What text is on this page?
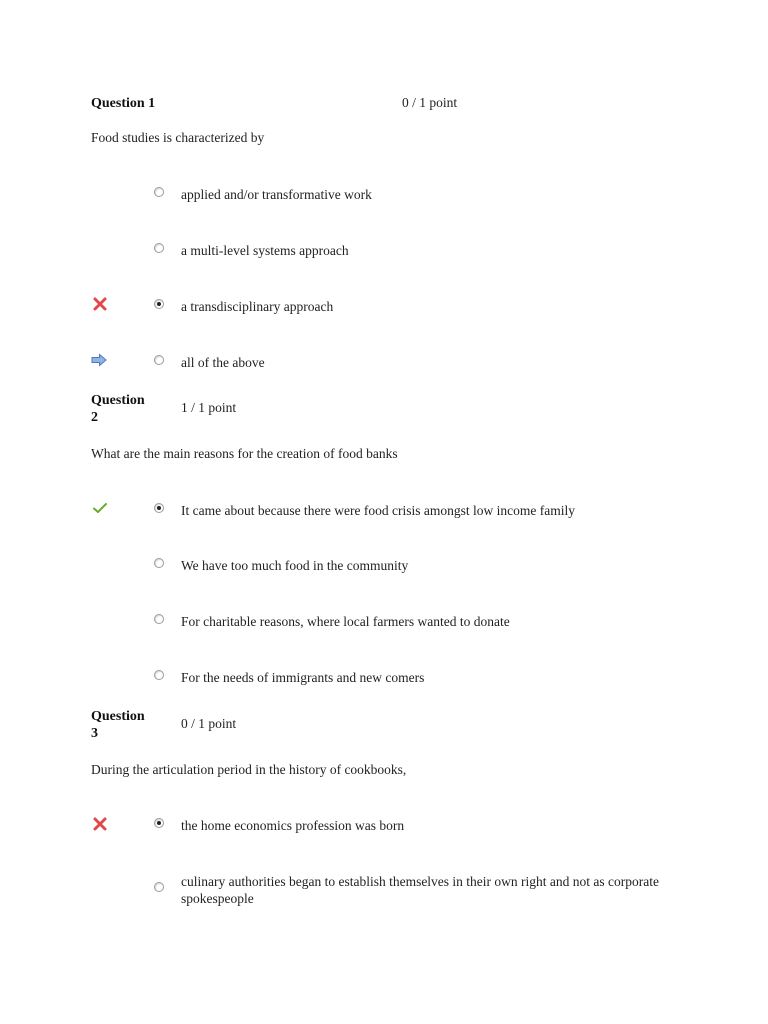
Question 1	0 / 1 point
Food studies is characterized by
applied and/or transformative work
a multi-level systems approach
a transdisciplinary approach
all of the above
Question 2
1 / 1 point
What are the main reasons for the creation of food banks
It came about because there were food crisis amongst low income family
We have too much food in the community
For charitable reasons, where local farmers wanted to donate
For the needs of immigrants and new comers
Question 3
0 / 1 point
During the articulation period in the history of cookbooks,
the home economics profession was born
culinary authorities began to establish themselves in their own right and not as corporate spokespeople
